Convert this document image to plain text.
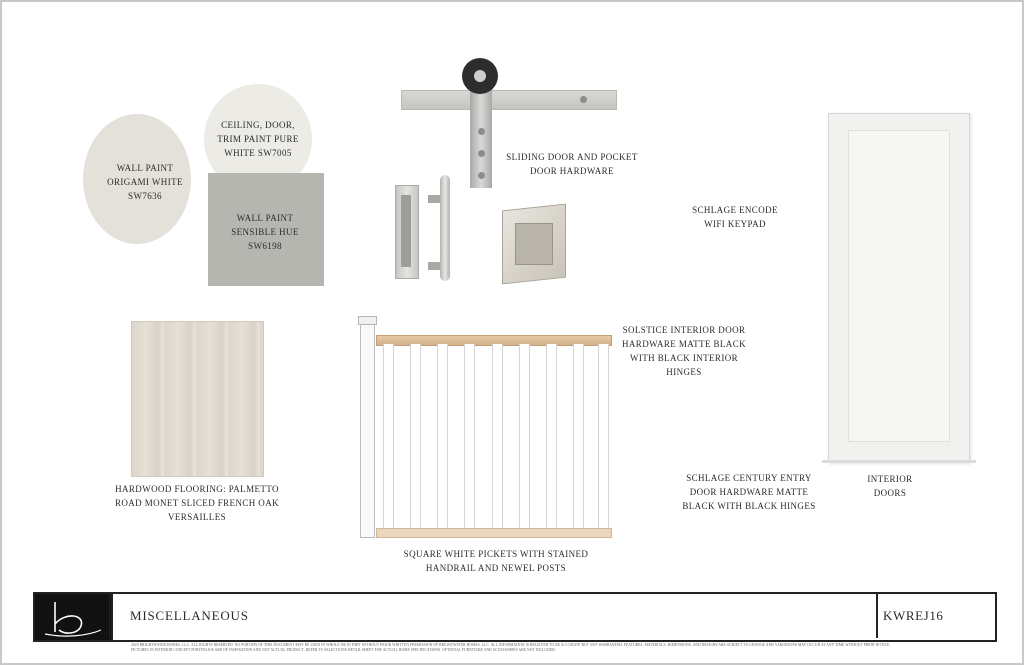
WALL PAINT
ORIGAMI WHITE
SW7636
CEILING, DOOR,
TRIM PAINT PURE
WHITE SW7005
WALL PAINT
SENSIBLE HUE
SW6198
SLIDING DOOR AND POCKET
DOOR HARDWARE
SCHLAGE ENCODE
WIFI KEYPAD
INTERIOR
DOORS
HARDWOOD FLOORING: PALMETTO
ROAD MONET SLICED FRENCH OAK
VERSAILLES
SQUARE WHITE PICKETS WITH STAINED
HANDRAIL AND NEWEL POSTS
SOLSTICE INTERIOR DOOR
HARDWARE MATTE BLACK
WITH BLACK INTERIOR
HINGES
SCHLAGE CENTURY ENTRY
DOOR HARDWARE MATTE
BLACK WITH BLACK HINGES
MISCELLANEOUS	KWREJ16
2020 BRIGHTWATER HOMES, LLC. ALL RIGHTS RESERVED. NO PORTION OF THIS DOCUMENT MAY BE USED IN WHOLE OR IN PART WITHOUT PRIOR WRITTEN PERMISSION OF BRIGHTWATER HOMES, LLC. ALL INFORMATION IS BELIEVED TO BE ACCURATE BUT NOT WARRANTED. FEATURES, MATERIALS, DIMENSIONS, AND DESIGNS ARE SUBJECT TO CHANGE AND VARIATIONS MAY OCCUR AT ANY TIME WITHOUT PRIOR NOTICE. PICTURES IN INTERIOR CONCEPT PORTFOLIOS ARE OF INSPIRATION AND NOT ACTUAL PRODUCT. REFER TO SELECTIONS DETAIL SHEET FOR ACTUAL HOME SPECIFICATIONS. OPTIONAL FURNITURE AND ACCESSORIES ARE NOT INCLUDED.
